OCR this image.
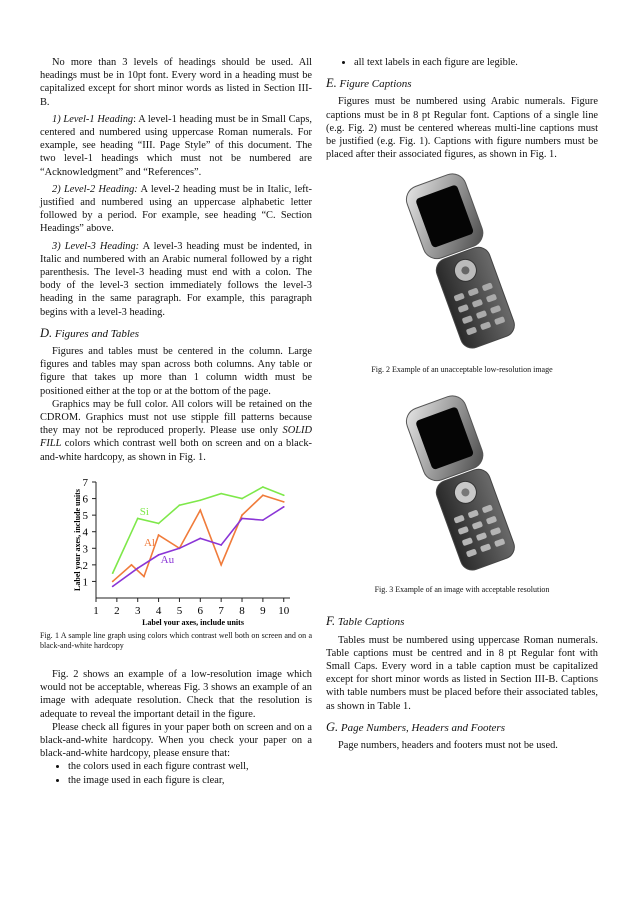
No more than 3 levels of headings should be used. All headings must be in 10pt font. Every word in a heading must be capitalized except for short minor words as listed in Section III-B.

1) Level-1 Heading: A level-1 heading must be in Small Caps, centered and numbered using uppercase Roman numerals. For example, see heading “III. Page Style” of this document. The two level-1 headings which must not be numbered are “Acknowledgment” and “References”.

2) Level-2 Heading: A level-2 heading must be in Italic, left-justified and numbered using an uppercase alphabetic letter followed by a period. For example, see heading “C. Section Headings” above.

3) Level-3 Heading: A level-3 heading must be indented, in Italic and numbered with an Arabic numeral followed by a right parenthesis. The level-3 heading must end with a colon. The body of the level-3 section immediately follows the level-3 heading in the same paragraph. For example, this paragraph begins with a level-3 heading.

D. Figures and Tables

Figures and tables must be centered in the column. Large figures and tables may span across both columns. Any table or figure that takes up more than 1 column width must be positioned either at the top or at the bottom of the page.

Graphics may be full color. All colors will be retained on the CDROM. Graphics must not use stipple fill patterns because they may not be reproduced properly. Please use only SOLID FILL colors which contrast well both on screen and on a black-and-white hardcopy, as shown in Fig. 1.

1
2
3
4
5
6
7
1 2 3 4 5 6 7 8 9 10
Label your axes, include units
Label your axes, include units	Si
Al
Au
Fig. 1 A sample line graph using colors which contrast well both on screen and on a black-and-white hardcopy

Fig. 2 shows an example of a low-resolution image which would not be acceptable, whereas Fig. 3 shows an example of an image with adequate resolution. Check that the resolution is adequate to reveal the important detail in the figure.

Please check all figures in your paper both on screen and on a black-and-white hardcopy. When you check your paper on a black-and-white hardcopy, please ensure that:

• the colors used in each figure contrast well,
• the image used in each figure is clear,
• all text labels in each figure are legible.
E. Figure Captions

Figures must be numbered using Arabic numerals. Figure captions must be in 8 pt Regular font. Captions of a single line (e.g. Fig. 2) must be centered whereas multi-line captions must be justified (e.g. Fig. 1). Captions with figure numbers must be placed after their associated figures, as shown in Fig. 1.

Fig. 2 Example of an unacceptable low-resolution image
Fig. 3 Example of an image with acceptable resolution
F. Table Captions

Tables must be numbered using uppercase Roman numerals. Table captions must be centred and in 8 pt Regular font with Small Caps. Every word in a table caption must be capitalized except for short minor words as listed in Section III-B. Captions with table numbers must be placed before their associated tables, as shown in Table 1.

G. Page Numbers, Headers and Footers

Page numbers, headers and footers must not be used.
